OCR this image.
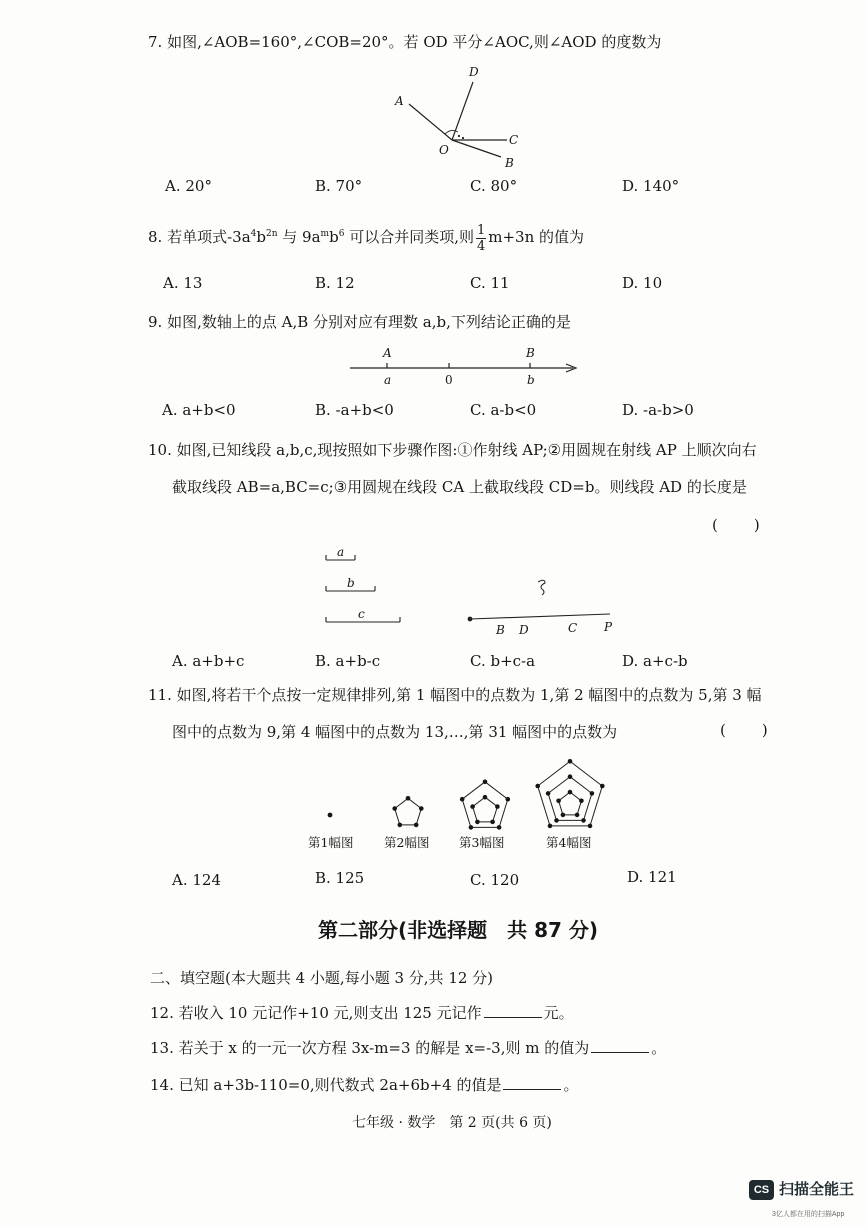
7. 如图,∠AOB=160°,∠COB=20°。若 OD 平分∠AOC,则∠AOD 的度数为
D
A
O
C
B
A. 20°	B. 70°	C. 80°	D. 140°
8. 若单项式$-3a^4b^{2n}$ 与 $9a^mb^6$ 可以合并同类项,则 $\frac{1}{4} m+3n$ 的值为
A. 13	B. 12	C. 11	D. 10
9. 如图,数轴上的点 A,B 分别对应有理数 a,b,下列结论正确的是
A
a	0
B
b
A. a+b<0	B. -a+b<0	C. a-b<0	D. -a-b>0
10. 如图,已知线段 a,b,c,现按照如下步骤作图:①作射线 AP;②用圆规在射线 AP 上顺次向右
截取线段 AB=a,BC=c;③用圆规在线段 CA 上截取线段 CD=b。则线段 AD 的长度是
(　　)
a
b
c
B D	C P
A. a+b+c	B. a+b-c	C. b+c-a	D. a+c-b
11. 如图,将若干个点按一定规律排列,第 1 幅图中的点数为 1,第 2 幅图中的点数为 5,第 3 幅
图中的点数为 9,第 4 幅图中的点数为 13,…,第 31 幅图中的点数为	(　　)
第1幅图 第2幅图 第3幅图	第4幅图
A. 124	B. 125	C. 120	D. 121
第二部分(非选择题　共 87 分)
二、填空题(本大题共 4 小题,每小题 3 分,共 12 分)
12. 若收入 10 元记作+10 元,则支出 125 元记作	元。
13. 若关于 x 的一元一次方程 3x-m=3 的解是 x=-3,则 m 的值为	。
14. 已知 a+3b-110=0,则代数式 2a+6b+4 的值是	。
七年级 · 数学　第 2 页(共 6 页)
CS 扫描全能王
3亿人都在用的扫描App
